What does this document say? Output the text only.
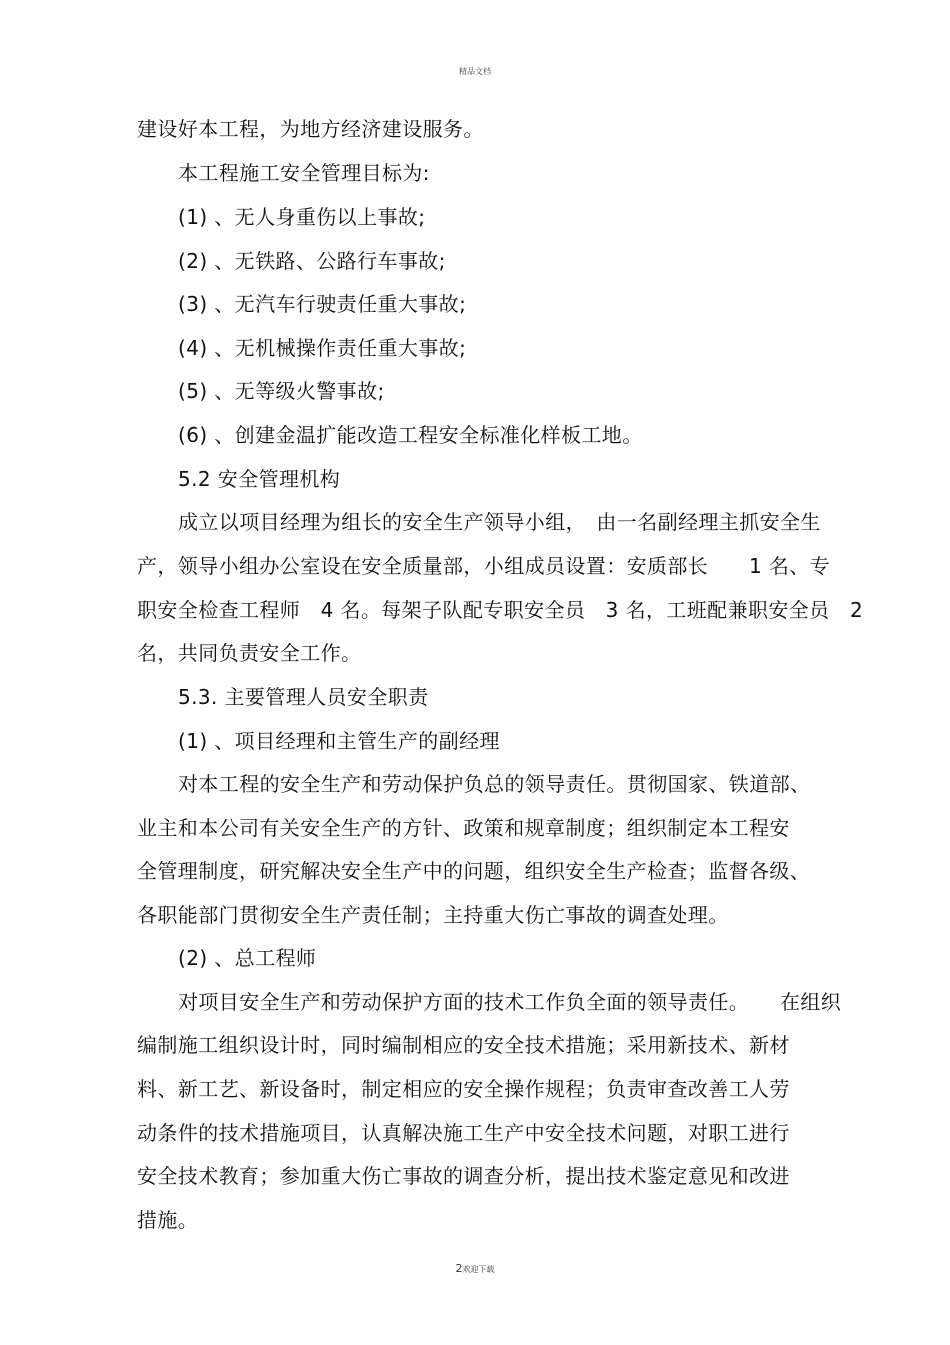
精品文档
建设好本工程，为地方经济建设服务。
本工程施工安全管理目标为:
(1) 、无人身重伤以上事故;
(2) 、无铁路、公路行车事故;
(3) 、无汽车行驶责任重大事故;
(4) 、无机械操作责任重大事故;
(5) 、无等级火警事故;
(6) 、创建金温扩能改造工程安全标准化样板工地。
5.2 安全管理机构
成立以项目经理为组长的安全生产领导小组，　由一名副经理主抓安全生
产，领导小组办公室设在安全质量部，小组成员设置：安质部长　　1 名、专
职安全检查工程师　4 名。每架子队配专职安全员　3 名，工班配兼职安全员　2
名，共同负责安全工作。
5.3. 主要管理人员安全职责
(1) 、项目经理和主管生产的副经理
对本工程的安全生产和劳动保护负总的领导责任。贯彻国家、铁道部、
业主和本公司有关安全生产的方针、政策和规章制度；组织制定本工程安
全管理制度，研究解决安全生产中的问题，组织安全生产检查；监督各级、
各职能部门贯彻安全生产责任制；主持重大伤亡事故的调查处理。
(2) 、总工程师
对项目安全生产和劳动保护方面的技术工作负全面的领导责任。　　在组织
编制施工组织设计时，同时编制相应的安全技术措施；采用新技术、新材
料、新工艺、新设备时，制定相应的安全操作规程；负责审查改善工人劳
动条件的技术措施项目，认真解决施工生产中安全技术问题，对职工进行
安全技术教育；参加重大伤亡事故的调查分析，提出技术鉴定意见和改进
措施。
2欢迎下载
